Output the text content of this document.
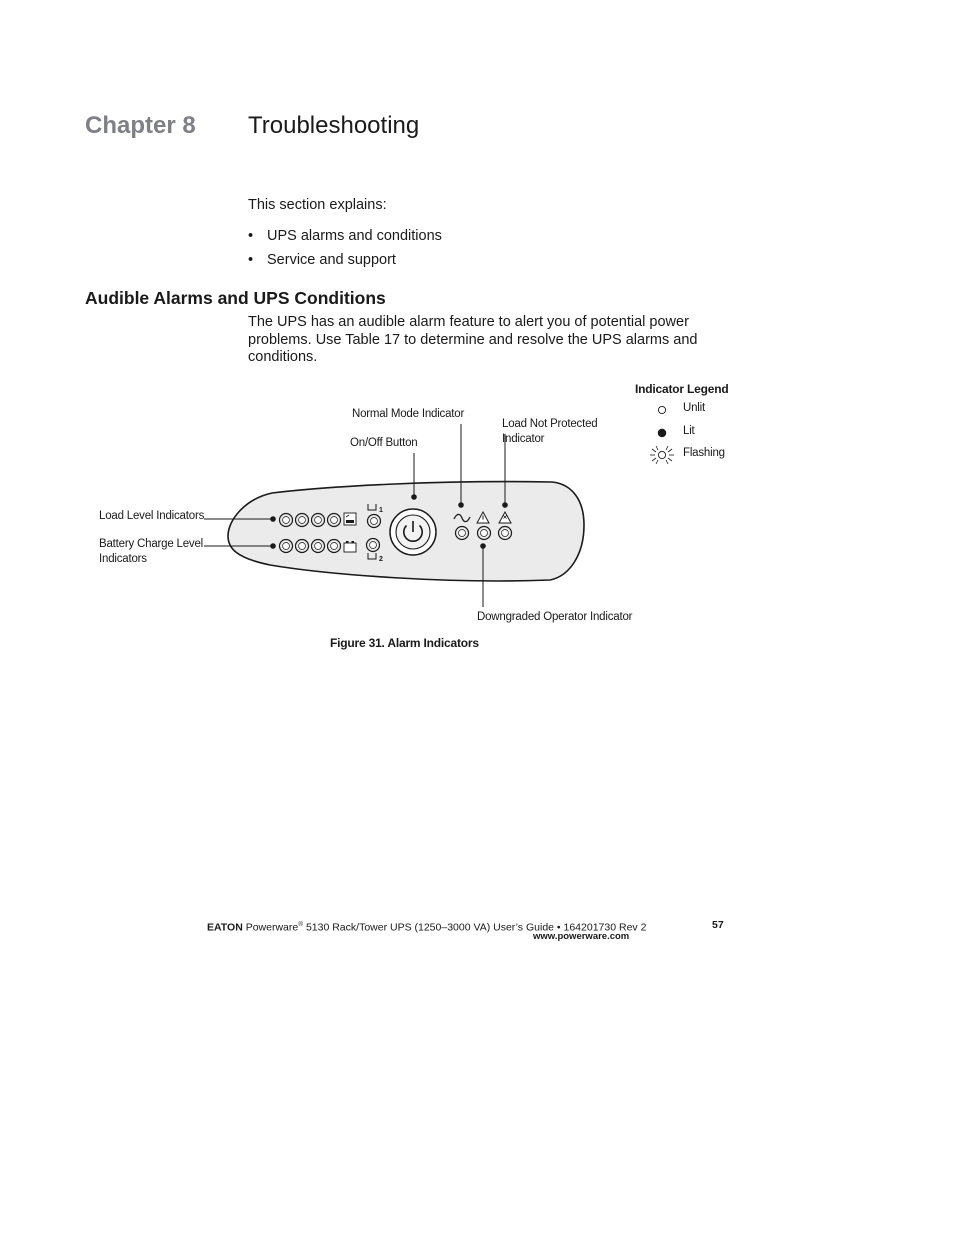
Chapter 8 Troubleshooting
This section explains:
• UPS alarms and conditions
• Service and support
Audible Alarms and UPS Conditions
The UPS has an audible alarm feature to alert you of potential power problems. Use Table 17 to determine and resolve the UPS alarms and conditions.
1
2
Normal Mode Indicator
On/Off Button
Load Not Protected
Indicator
Load Level Indicators
Battery Charge Level
Indicators
Downgraded Operator Indicator
Indicator Legend
Unlit
Lit
Flashing
Figure 31. Alarm Indicators
EATON Powerware® 5130 Rack/Tower UPS (1250–3000 VA) User’s Guide • 164201730 Rev 2
www.powerware.com
57
